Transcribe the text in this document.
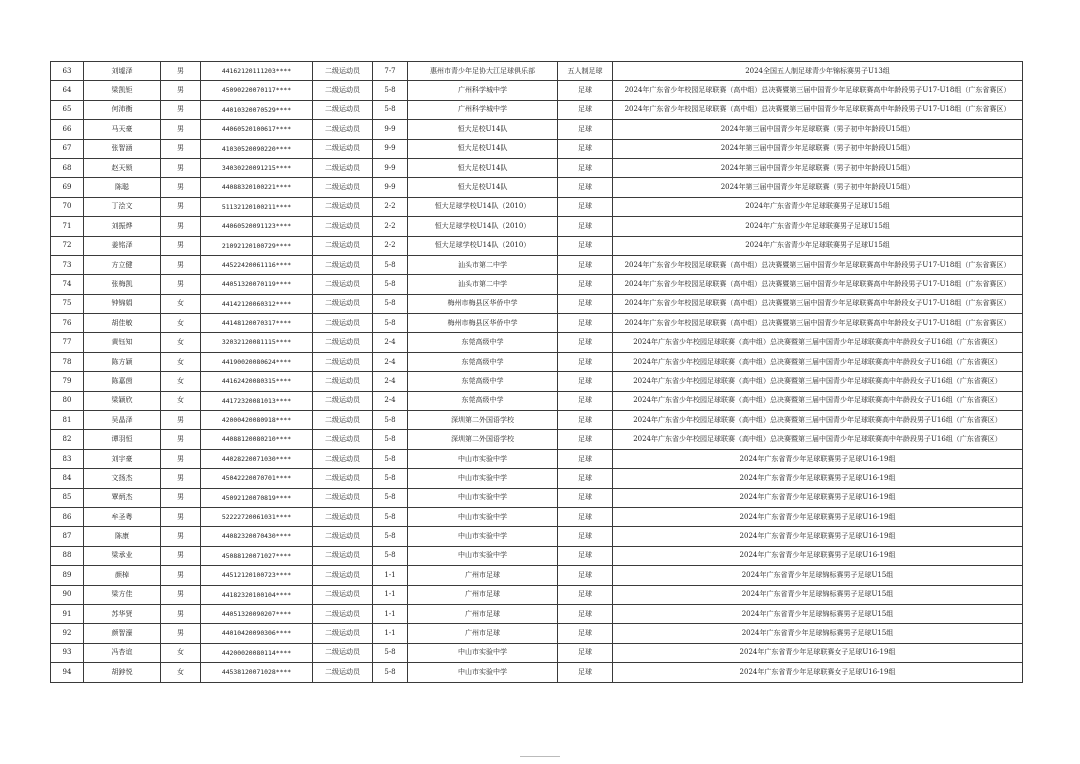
63	刘墟泽	男	44162120111203****	二级运动员	7-7	惠州市青少年足协大江足球俱乐部	五人制足球	2024全国五人制足球青少年锦标赛男子U13组
64	梁凯钜	男	45090220070117****	二级运动员	5-8	广州科学城中学	足球	2024年广东省少年校园足球联赛（高中组）总决赛暨第三届中国青少年足球联赛高中年龄段男子U17-U18组（广东省赛区）
65	何沛衡	男	44010320070529****	二级运动员	5-8	广州科学城中学	足球	2024年广东省少年校园足球联赛（高中组）总决赛暨第三届中国青少年足球联赛高中年龄段男子U17-U18组（广东省赛区）
66	马天豪	男	44060520100617****	二级运动员	9-9	恒大足校U14队	足球	2024年第三届中国青少年足球联赛（男子初中年龄段U15组）
67	张智涵	男	41030520090220****	二级运动员	9-9	恒大足校U14队	足球	2024年第三届中国青少年足球联赛（男子初中年龄段U15组）
68	赵天锁	男	34030220091215****	二级运动员	9-9	恒大足校U14队	足球	2024年第三届中国青少年足球联赛（男子初中年龄段U15组）
69	陈聪	男	44088320100221****	二级运动员	9-9	恒大足校U14队	足球	2024年第三届中国青少年足球联赛（男子初中年龄段U15组）
70	丁浍文	男	51132120100211****	二级运动员	2-2	恒大足球学校U14队（2010）	足球	2024年广东省青少年足球联赛男子足球U15组
71	刘振烨	男	44060520091123****	二级运动员	2-2	恒大足球学校U14队（2010）	足球	2024年广东省青少年足球联赛男子足球U15组
72	姜铭泽	男	21092120100729****	二级运动员	2-2	恒大足球学校U14队（2010）	足球	2024年广东省青少年足球联赛男子足球U15组
73	方立健	男	44522420061116****	二级运动员	5-8	汕头市第二中学	足球	2024年广东省少年校园足球联赛（高中组）总决赛暨第三届中国青少年足球联赛高中年龄段男子U17-U18组（广东省赛区）
74	张梅凯	男	44051320070119****	二级运动员	5-8	汕头市第二中学	足球	2024年广东省少年校园足球联赛（高中组）总决赛暨第三届中国青少年足球联赛高中年龄段男子U17-U18组（广东省赛区）
75	钟锦娟	女	44142120060312****	二级运动员	5-8	梅州市梅县区华侨中学	足球	2024年广东省少年校园足球联赛（高中组）总决赛暨第三届中国青少年足球联赛高中年龄段女子U17-U18组（广东省赛区）
76	胡佳敏	女	44148120070317****	二级运动员	5-8	梅州市梅县区华侨中学	足球	2024年广东省少年校园足球联赛（高中组）总决赛暨第三届中国青少年足球联赛高中年龄段女子U17-U18组（广东省赛区）
77	黄钰知	女	32032120081115****	二级运动员	2-4	东莞高级中学	足球	2024年广东省少年校园足球联赛（高中组）总决赛暨第三届中国青少年足球联赛高中年龄段女子U16组（广东省赛区）
78	陈方颖	女	44190020080624****	二级运动员	2-4	东莞高级中学	足球	2024年广东省少年校园足球联赛（高中组）总决赛暨第三届中国青少年足球联赛高中年龄段女子U16组（广东省赛区）
79	陈嘉茵	女	44162420080315****	二级运动员	2-4	东莞高级中学	足球	2024年广东省少年校园足球联赛（高中组）总决赛暨第三届中国青少年足球联赛高中年龄段女子U16组（广东省赛区）
80	梁颖欣	女	44172320081013****	二级运动员	2-4	东莞高级中学	足球	2024年广东省少年校园足球联赛（高中组）总决赛暨第三届中国青少年足球联赛高中年龄段女子U16组（广东省赛区）
81	吴晶泽	男	42000420080918****	二级运动员	5-8	深圳第二外国语学校	足球	2024年广东省少年校园足球联赛（高中组）总决赛暨第三届中国青少年足球联赛高中年龄段男子U16组（广东省赛区）
82	谭羽恒	男	44088120080210****	二级运动员	5-8	深圳第二外国语学校	足球	2024年广东省少年校园足球联赛（高中组）总决赛暨第三届中国青少年足球联赛高中年龄段男子U16组（广东省赛区）
83	刘宇豪	男	44028220071030****	二级运动员	5-8	中山市实验中学	足球	2024年广东省青少年足球联赛男子足球U16-19组
84	文扬杰	男	45042220070701****	二级运动员	5-8	中山市实验中学	足球	2024年广东省青少年足球联赛男子足球U16-19组
85	覃炳杰	男	45092120070819****	二级运动员	5-8	中山市实验中学	足球	2024年广东省青少年足球联赛男子足球U16-19组
86	牟圣粤	男	52222720061031****	二级运动员	5-8	中山市实验中学	足球	2024年广东省青少年足球联赛男子足球U16-19组
87	陈康	男	44082320070430****	二级运动员	5-8	中山市实验中学	足球	2024年广东省青少年足球联赛男子足球U16-19组
88	梁承业	男	45088120071027****	二级运动员	5-8	中山市实验中学	足球	2024年广东省青少年足球联赛男子足球U16-19组
89	颜棹	男	44512120100723****	二级运动员	1-1	广州市足球	足球	2024年广东省青少年足球锦标赛男子足球U15组
90	梁方佳	男	44182320100104****	二级运动员	1-1	广州市足球	足球	2024年广东省青少年足球锦标赛男子足球U15组
91	苏华贤	男	44051320090207****	二级运动员	1-1	广州市足球	足球	2024年广东省青少年足球锦标赛男子足球U15组
92	颜智濠	男	44010420090306****	二级运动员	1-1	广州市足球	足球	2024年广东省青少年足球锦标赛男子足球U15组
93	冯杏谊	女	44200020080114****	二级运动员	5-8	中山市实验中学	足球	2024年广东省青少年足球联赛女子足球U16-19组
94	胡鋍悦	女	44538120071028****	二级运动员	5-8	中山市实验中学	足球	2024年广东省青少年足球联赛女子足球U16-19组
